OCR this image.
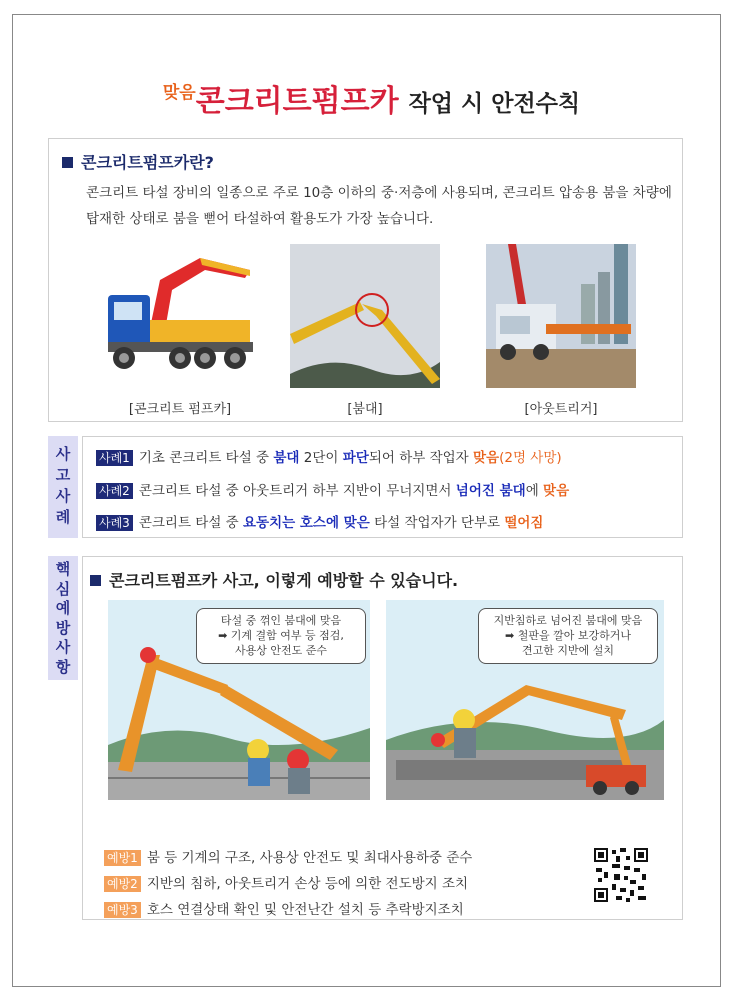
맞음콘크리트펌프카 작업 시 안전수칙
콘크리트펌프카란?
콘크리트 타설 장비의 일종으로 주로 10층 이하의 중·저층에 사용되며, 콘크리트 압송용 붐을 차량에 탑재한 상태로 붐을 뻗어 타설하여 활용도가 가장 높습니다.
[콘크리트 펌프카]	[붐대]	[아웃트리거]
사
고
사
례
사례1 기초 콘크리트 타설 중 붐대 2단이 파단되어 하부 작업자 맞음(2명 사망)
사례2 콘크리트 타설 중 아웃트리거 하부 지반이 무너지면서 넘어진 붐대에 맞음
사례3 콘크리트 타설 중 요동치는 호스에 맞은 타설 작업자가 단부로 떨어짐
핵
심
예
방
사
항
콘크리트펌프카 사고, 이렇게 예방할 수 있습니다.
타설 중 꺾인 붐대에 맞음
➡ 기계 결함 여부 등 점검,
사용상 안전도 준수
지반침하로 넘어진 붐대에 맞음
➡ 철판을 깔아 보강하거나
견고한 지반에 설치
예방1 붐 등 기계의 구조, 사용상 안전도 및 최대사용하중 준수
예방2 지반의 침하, 아웃트리거 손상 등에 의한 전도방지 조치
예방3 호스 연결상태 확인 및 안전난간 설치 등 추락방지조치
